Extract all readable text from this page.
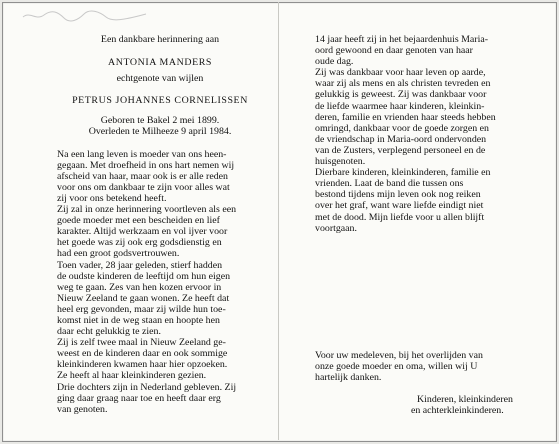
Een dankbare herinnering aan

ANTONIA MANDERS

echtgenote van wijlen

PETRUS JOHANNES CORNELISSEN

Geboren te Bakel 2 mei 1899.

Overleden te Milheeze 9 april 1984.

Na een lang leven is moeder van ons heen-

gegaan. Met droefheid in ons hart nemen wij

afscheid van haar, maar ook is er alle reden

voor ons om dankbaar te zijn voor alles wat

zij voor ons betekend heeft.

Zij zal in onze herinnering voortleven als een

goede moeder met een bescheiden en lief

karakter. Altijd werkzaam en vol ijver voor

het goede was zij ook erg godsdienstig en

had een groot godsvertrouwen.

Toen vader, 28 jaar geleden, stierf hadden

de oudste kinderen de leeftijd om hun eigen

weg te gaan. Zes van hen kozen ervoor in

Nieuw Zeeland te gaan wonen. Ze heeft dat

heel erg gevonden, maar zij wilde hun toe-

komst niet in de weg staan en hoopte hen

daar echt gelukkig te zien.

Zij is zelf twee maal in Nieuw Zeeland ge-

weest en de kinderen daar en ook sommige

kleinkinderen kwamen haar hier opzoeken.

Ze heeft al haar kleinkinderen gezien.

Drie dochters zijn in Nederland gebleven. Zij

ging daar graag naar toe en heeft daar erg

van genoten.

14 jaar heeft zij in het bejaardenhuis Maria-

oord gewoond en daar genoten van haar

oude dag.

Zij was dankbaar voor haar leven op aarde,

waar zij als mens en als christen tevreden en

gelukkig is geweest. Zij was dankbaar voor

de liefde waarmee haar kinderen, kleinkin-

deren, familie en vrienden haar steeds hebben

omringd, dankbaar voor de goede zorgen en

de vriendschap in Maria-oord ondervonden

van de Zusters, verplegend personeel en de

huisgenoten.

Dierbare kinderen, kleinkinderen, familie en

vrienden. Laat de band die tussen ons

bestond tijdens mijn leven ook nog reiken

over het graf, want ware liefde eindigt niet

met de dood. Mijn liefde voor u allen blijft

voortgaan.

Voor uw medeleven, bij het overlijden van

onze goede moeder en oma, willen wij U

hartelijk danken.

Kinderen, kleinkinderen

en achterkleinkinderen.
